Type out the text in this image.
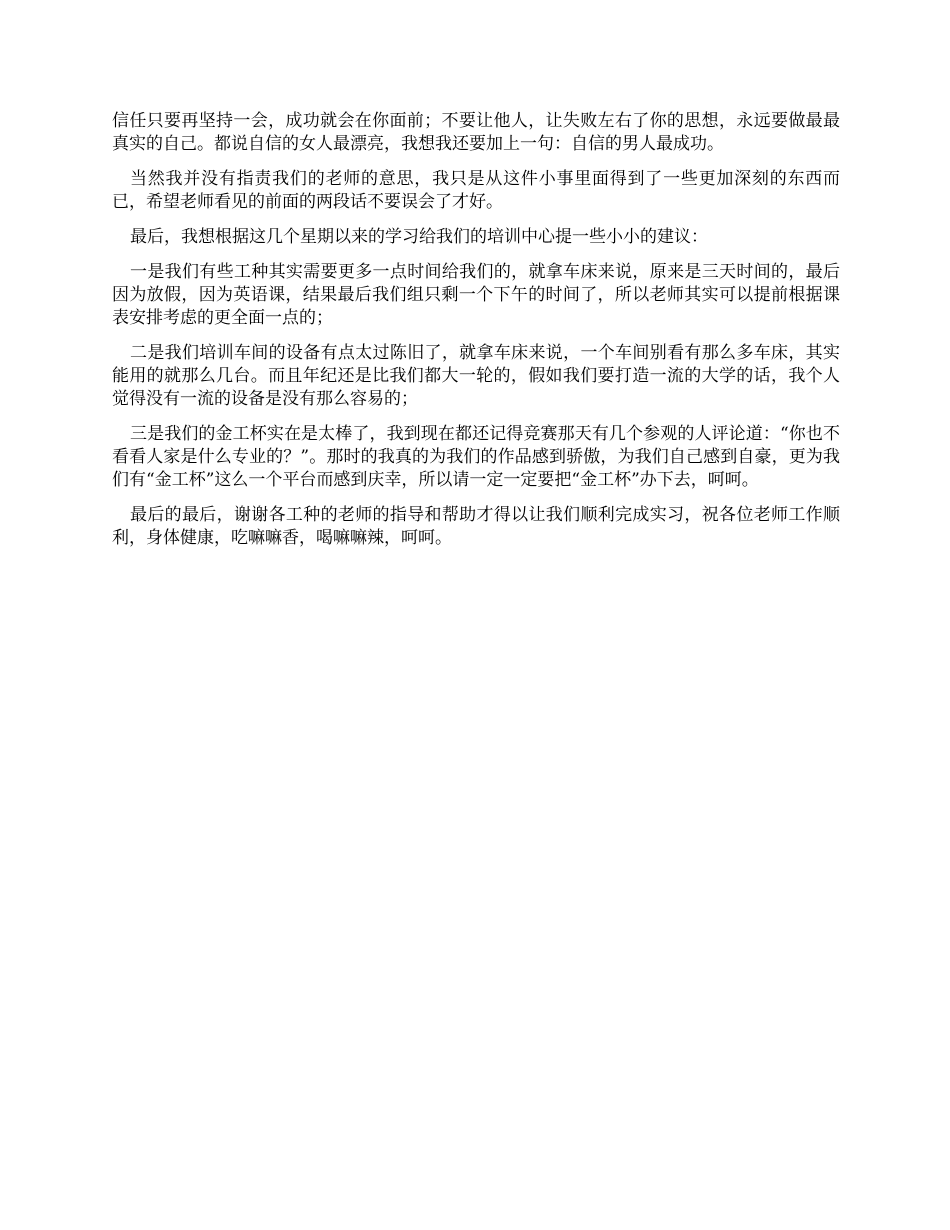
信任只要再坚持一会，成功就会在你面前；不要让他人，让失败左右了你的思想，永远要做最最真实的自己。都说自信的女人最漂亮，我想我还要加上一句：自信的男人最成功。

当然我并没有指责我们的老师的意思，我只是从这件小事里面得到了一些更加深刻的东西而已，希望老师看见的前面的两段话不要误会了才好。

最后，我想根据这几个星期以来的学习给我们的培训中心提一些小小的建议：

一是我们有些工种其实需要更多一点时间给我们的，就拿车床来说，原来是三天时间的，最后因为放假，因为英语课，结果最后我们组只剩一个下午的时间了，所以老师其实可以提前根据课表安排考虑的更全面一点的；

二是我们培训车间的设备有点太过陈旧了，就拿车床来说，一个车间别看有那么多车床，其实能用的就那么几台。而且年纪还是比我们都大一轮的，假如我们要打造一流的大学的话，我个人觉得没有一流的设备是没有那么容易的；

三是我们的金工杯实在是太棒了，我到现在都还记得竞赛那天有几个参观的人评论道：“你也不看看人家是什么专业的？”。那时的我真的为我们的作品感到骄傲，为我们自己感到自豪，更为我们有“金工杯”这么一个平台而感到庆幸，所以请一定一定要把“金工杯”办下去，呵呵。

最后的最后，谢谢各工种的老师的指导和帮助才得以让我们顺利完成实习，祝各位老师工作顺利，身体健康，吃嘛嘛香，喝嘛嘛辣，呵呵。
